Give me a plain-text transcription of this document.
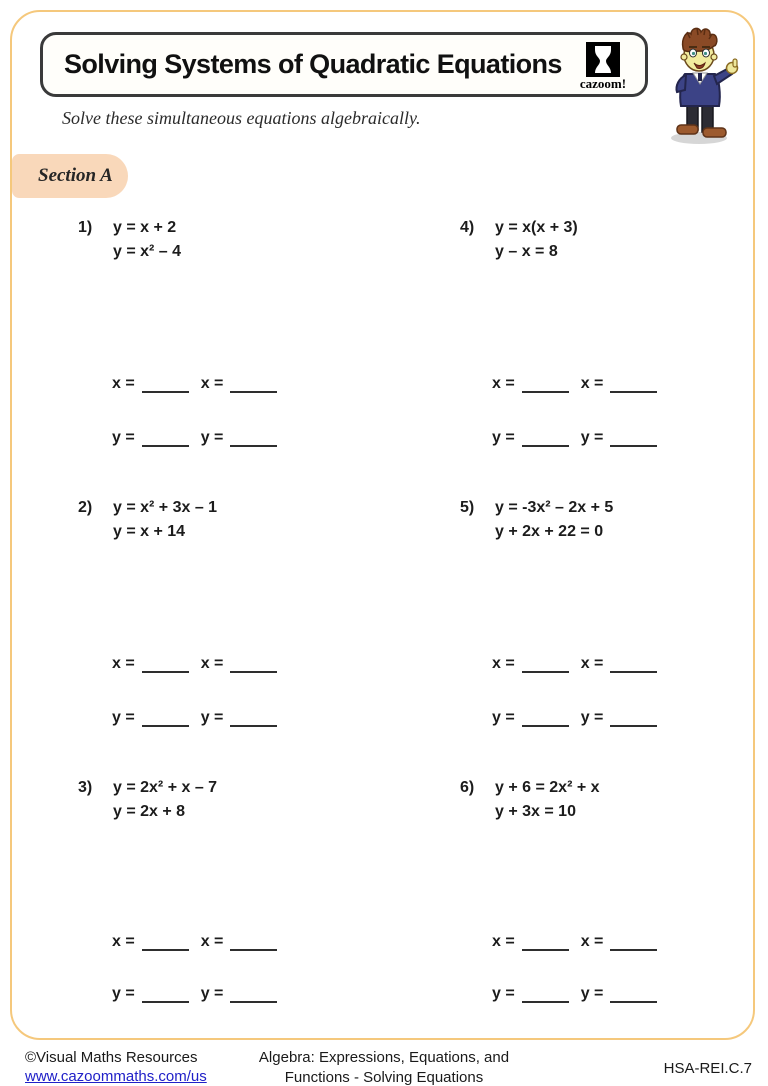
Solving Systems of Quadratic Equations
cazoom!
Solve these simultaneous equations algebraically.
Section A
1)	y = x + 2
y = x² – 4
4)	y = x(x + 3)
y – x = 8
2)	y = x² + 3x – 1
y = x + 14
5)	y = -3x² – 2x + 5
y + 2x + 22 = 0
3)	y = 2x² + x – 7
y = 2x + 8
6)	y + 6 = 2x² + x
y + 3x = 10
x =	x =
y =	y =
x =	x =
y =	y =
x =	x =
y =	y =
x =	x =
y =	y =
x =	x =
y =	y =
x =	x =
y =	y =
©Visual Maths Resources
www.cazoommaths.com/us
Algebra: Expressions, Equations, and
Functions - Solving Equations
HSA-REI.C.7
